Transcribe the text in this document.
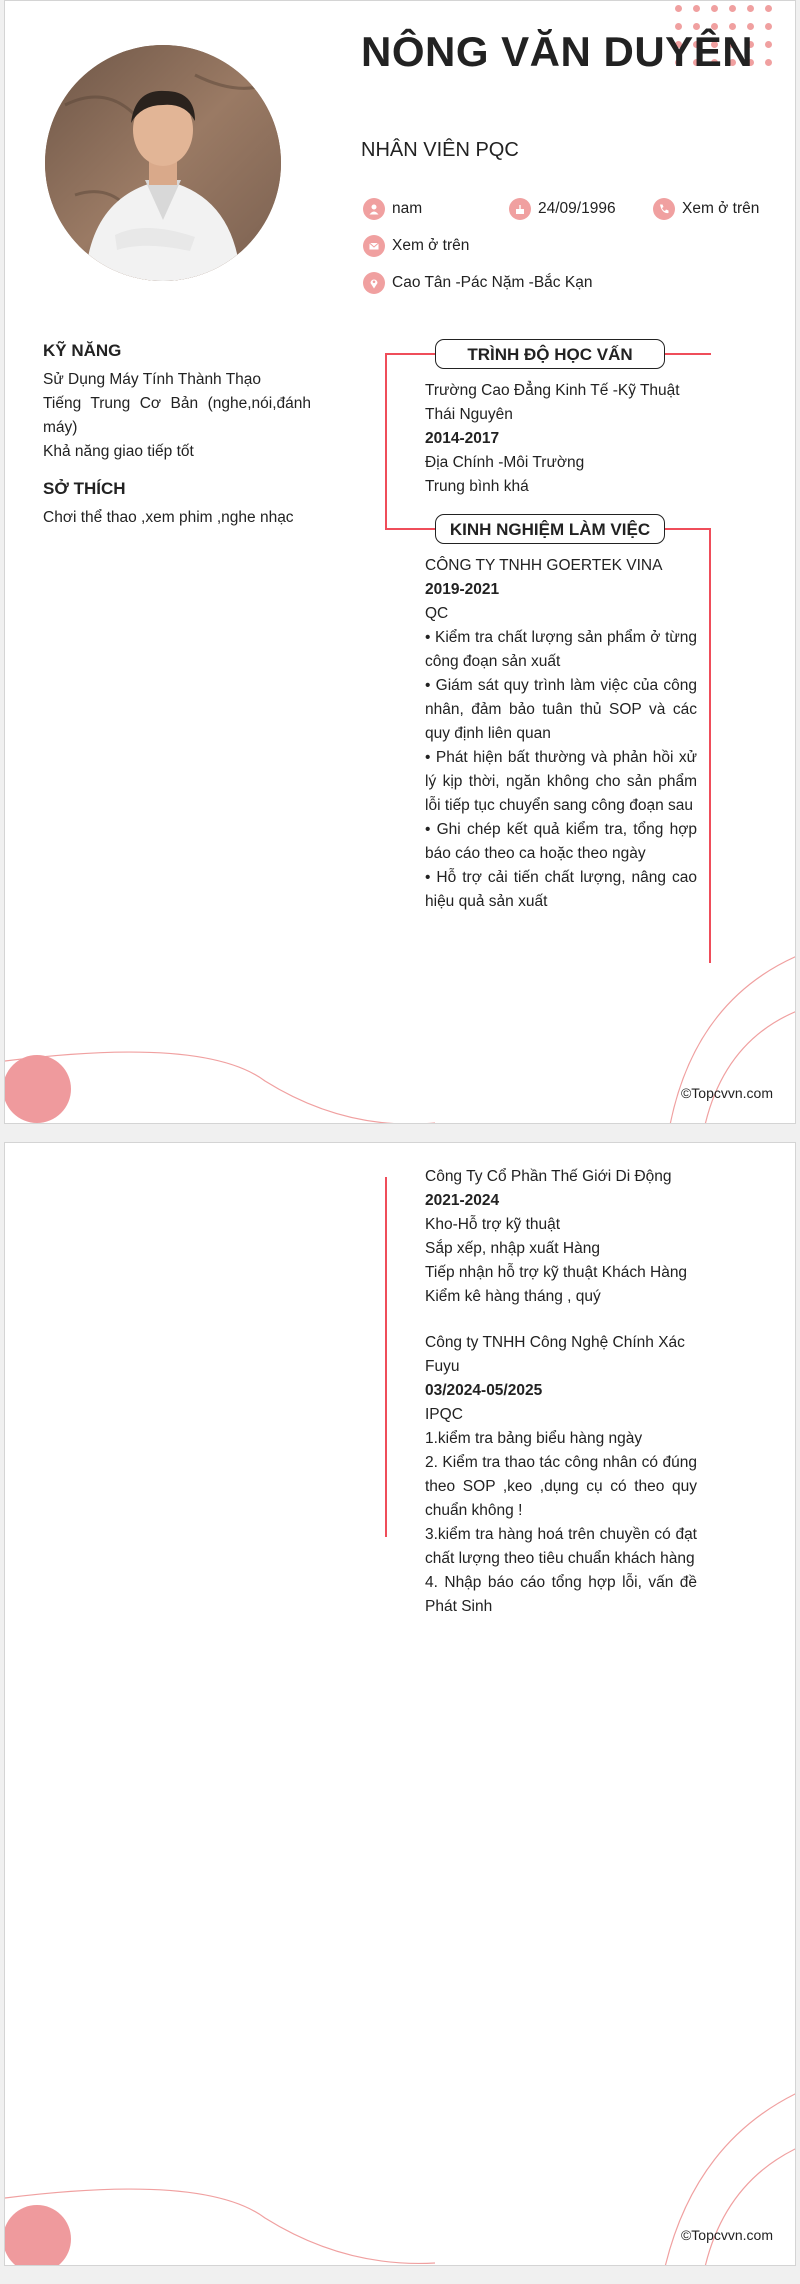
NÔNG VĂN DUYÊN
NHÂN VIÊN PQC
nam	24/09/1996	Xem ở trên
Xem ở trên
Cao Tân -Pác Nặm -Bắc Kạn
KỸ NĂNG
Sử Dụng Máy Tính Thành Thạo
Tiếng Trung Cơ Bản (nghe,nói,đánh máy)
Khả năng giao tiếp tốt
SỞ THÍCH
Chơi thể thao ,xem phim ,nghe nhạc
TRÌNH ĐỘ HỌC VẤN

Trường Cao Đẳng Kinh Tế -Kỹ Thuật Thái Nguyên

2014-2017

Địa Chính -Môi Trường

Trung bình khá

KINH NGHIỆM LÀM VIỆC

CÔNG TY TNHH GOERTEK VINA

2019-2021

QC

• Kiểm tra chất lượng sản phẩm ở từng công đoạn sản xuất

• Giám sát quy trình làm việc của công nhân, đảm bảo tuân thủ SOP và các quy định liên quan

• Phát hiện bất thường và phản hồi xử lý kịp thời, ngăn không cho sản phẩm lỗi tiếp tục chuyển sang công đoạn sau

• Ghi chép kết quả kiểm tra, tổng hợp báo cáo theo ca hoặc theo ngày

• Hỗ trợ cải tiến chất lượng, nâng cao hiệu quả sản xuất

©Topcvvn.com

Công Ty Cổ Phần Thế Giới Di Động

2021-2024

Kho-Hỗ trợ kỹ thuật

Sắp xếp, nhập xuất Hàng

Tiếp nhận hỗ trợ kỹ thuật Khách Hàng

Kiểm kê hàng tháng , quý

Công ty TNHH Công Nghệ Chính Xác Fuyu

03/2024-05/2025

IPQC

1.kiểm tra bảng biểu hàng ngày

2. Kiểm tra thao tác công nhân có đúng theo SOP ,keo ,dụng cụ có theo quy chuẩn không !

3.kiểm tra hàng hoá trên chuyền có đạt chất lượng theo tiêu chuẩn khách hàng

4. Nhập báo cáo tổng hợp lỗi, vấn đề Phát Sinh

©Topcvvn.com
